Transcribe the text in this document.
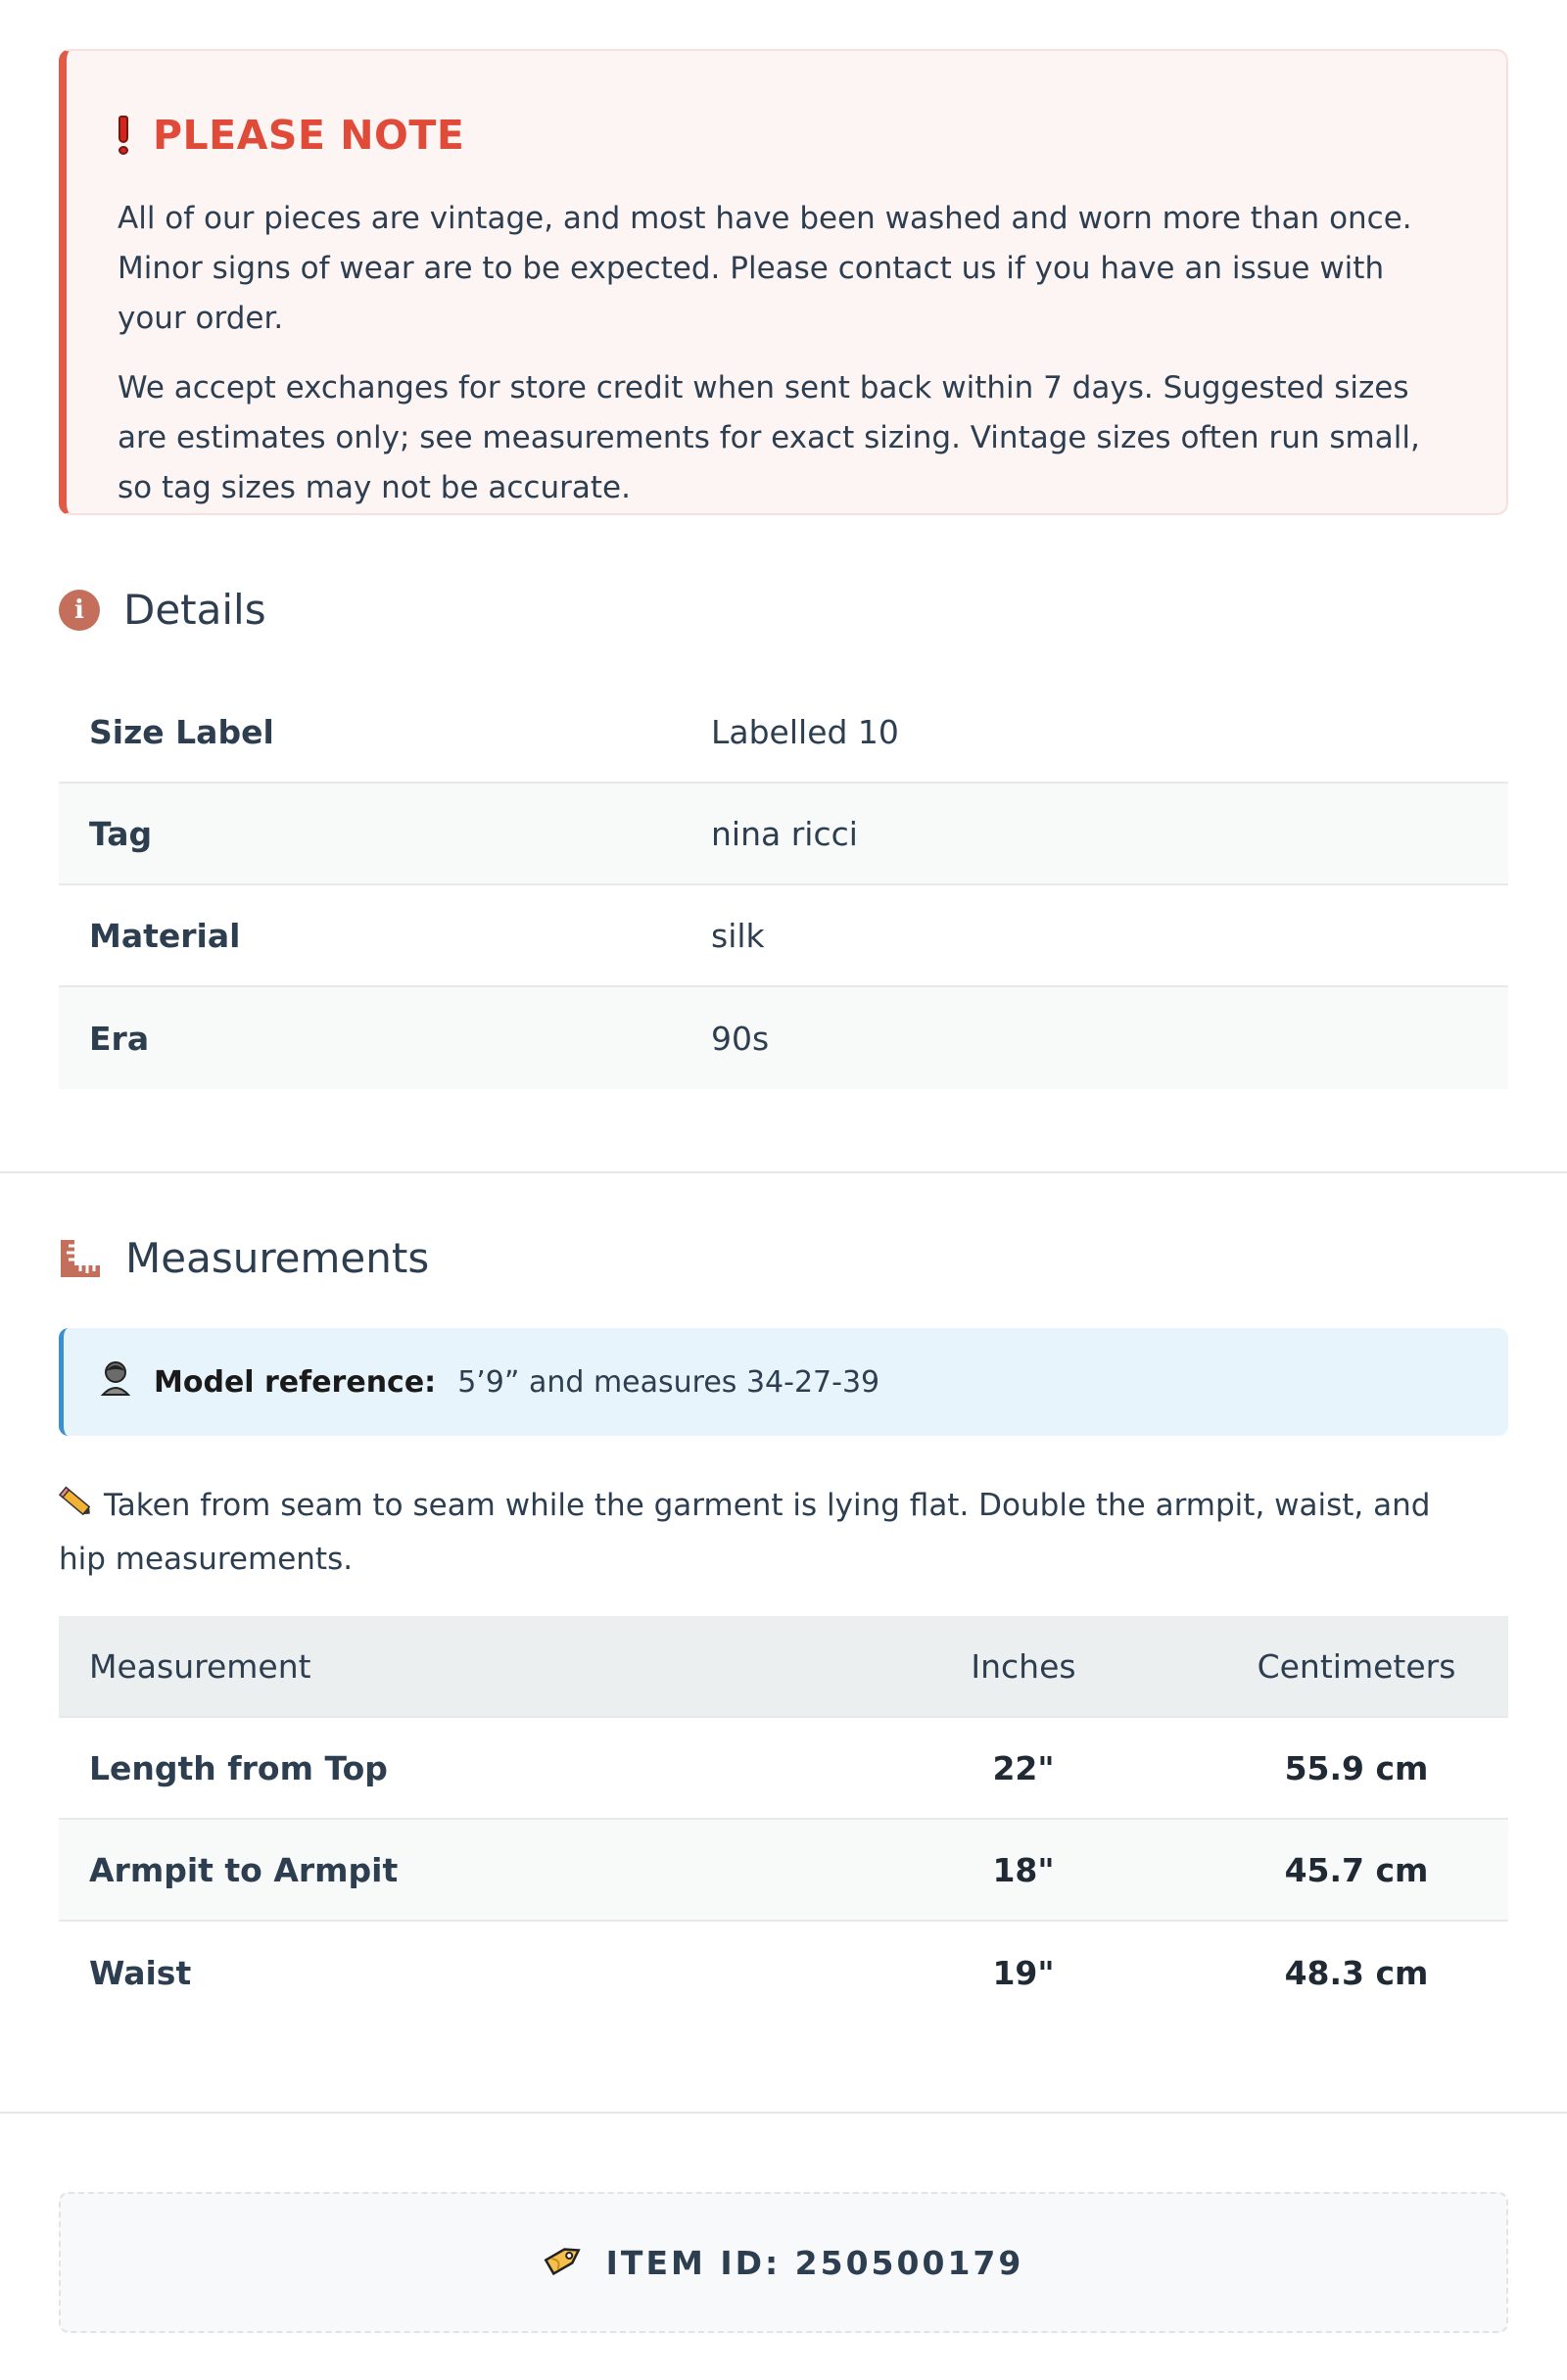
PLEASE NOTE

All of our pieces are vintage, and most have been washed and worn more than once. Minor signs of wear are to be expected. Please contact us if you have an issue with your order.

We accept exchanges for store credit when sent back within 7 days. Suggested sizes are estimates only; see measurements for exact sizing. Vintage sizes often run small, so tag sizes may not be accurate.

i Details
Size Label	Labelled 10
Tag	nina ricci
Material	silk
Era	90s
Measurements
Model reference: 5’9” and measures 34-27-39
Taken from seam to seam while the garment is lying flat. Double the armpit, waist, and hip measurements.
Measurement	Inches	Centimeters
Length from Top	22"	55.9 cm
Armpit to Armpit	18"	45.7 cm
Waist	19"	48.3 cm
ITEM ID: 250500179
